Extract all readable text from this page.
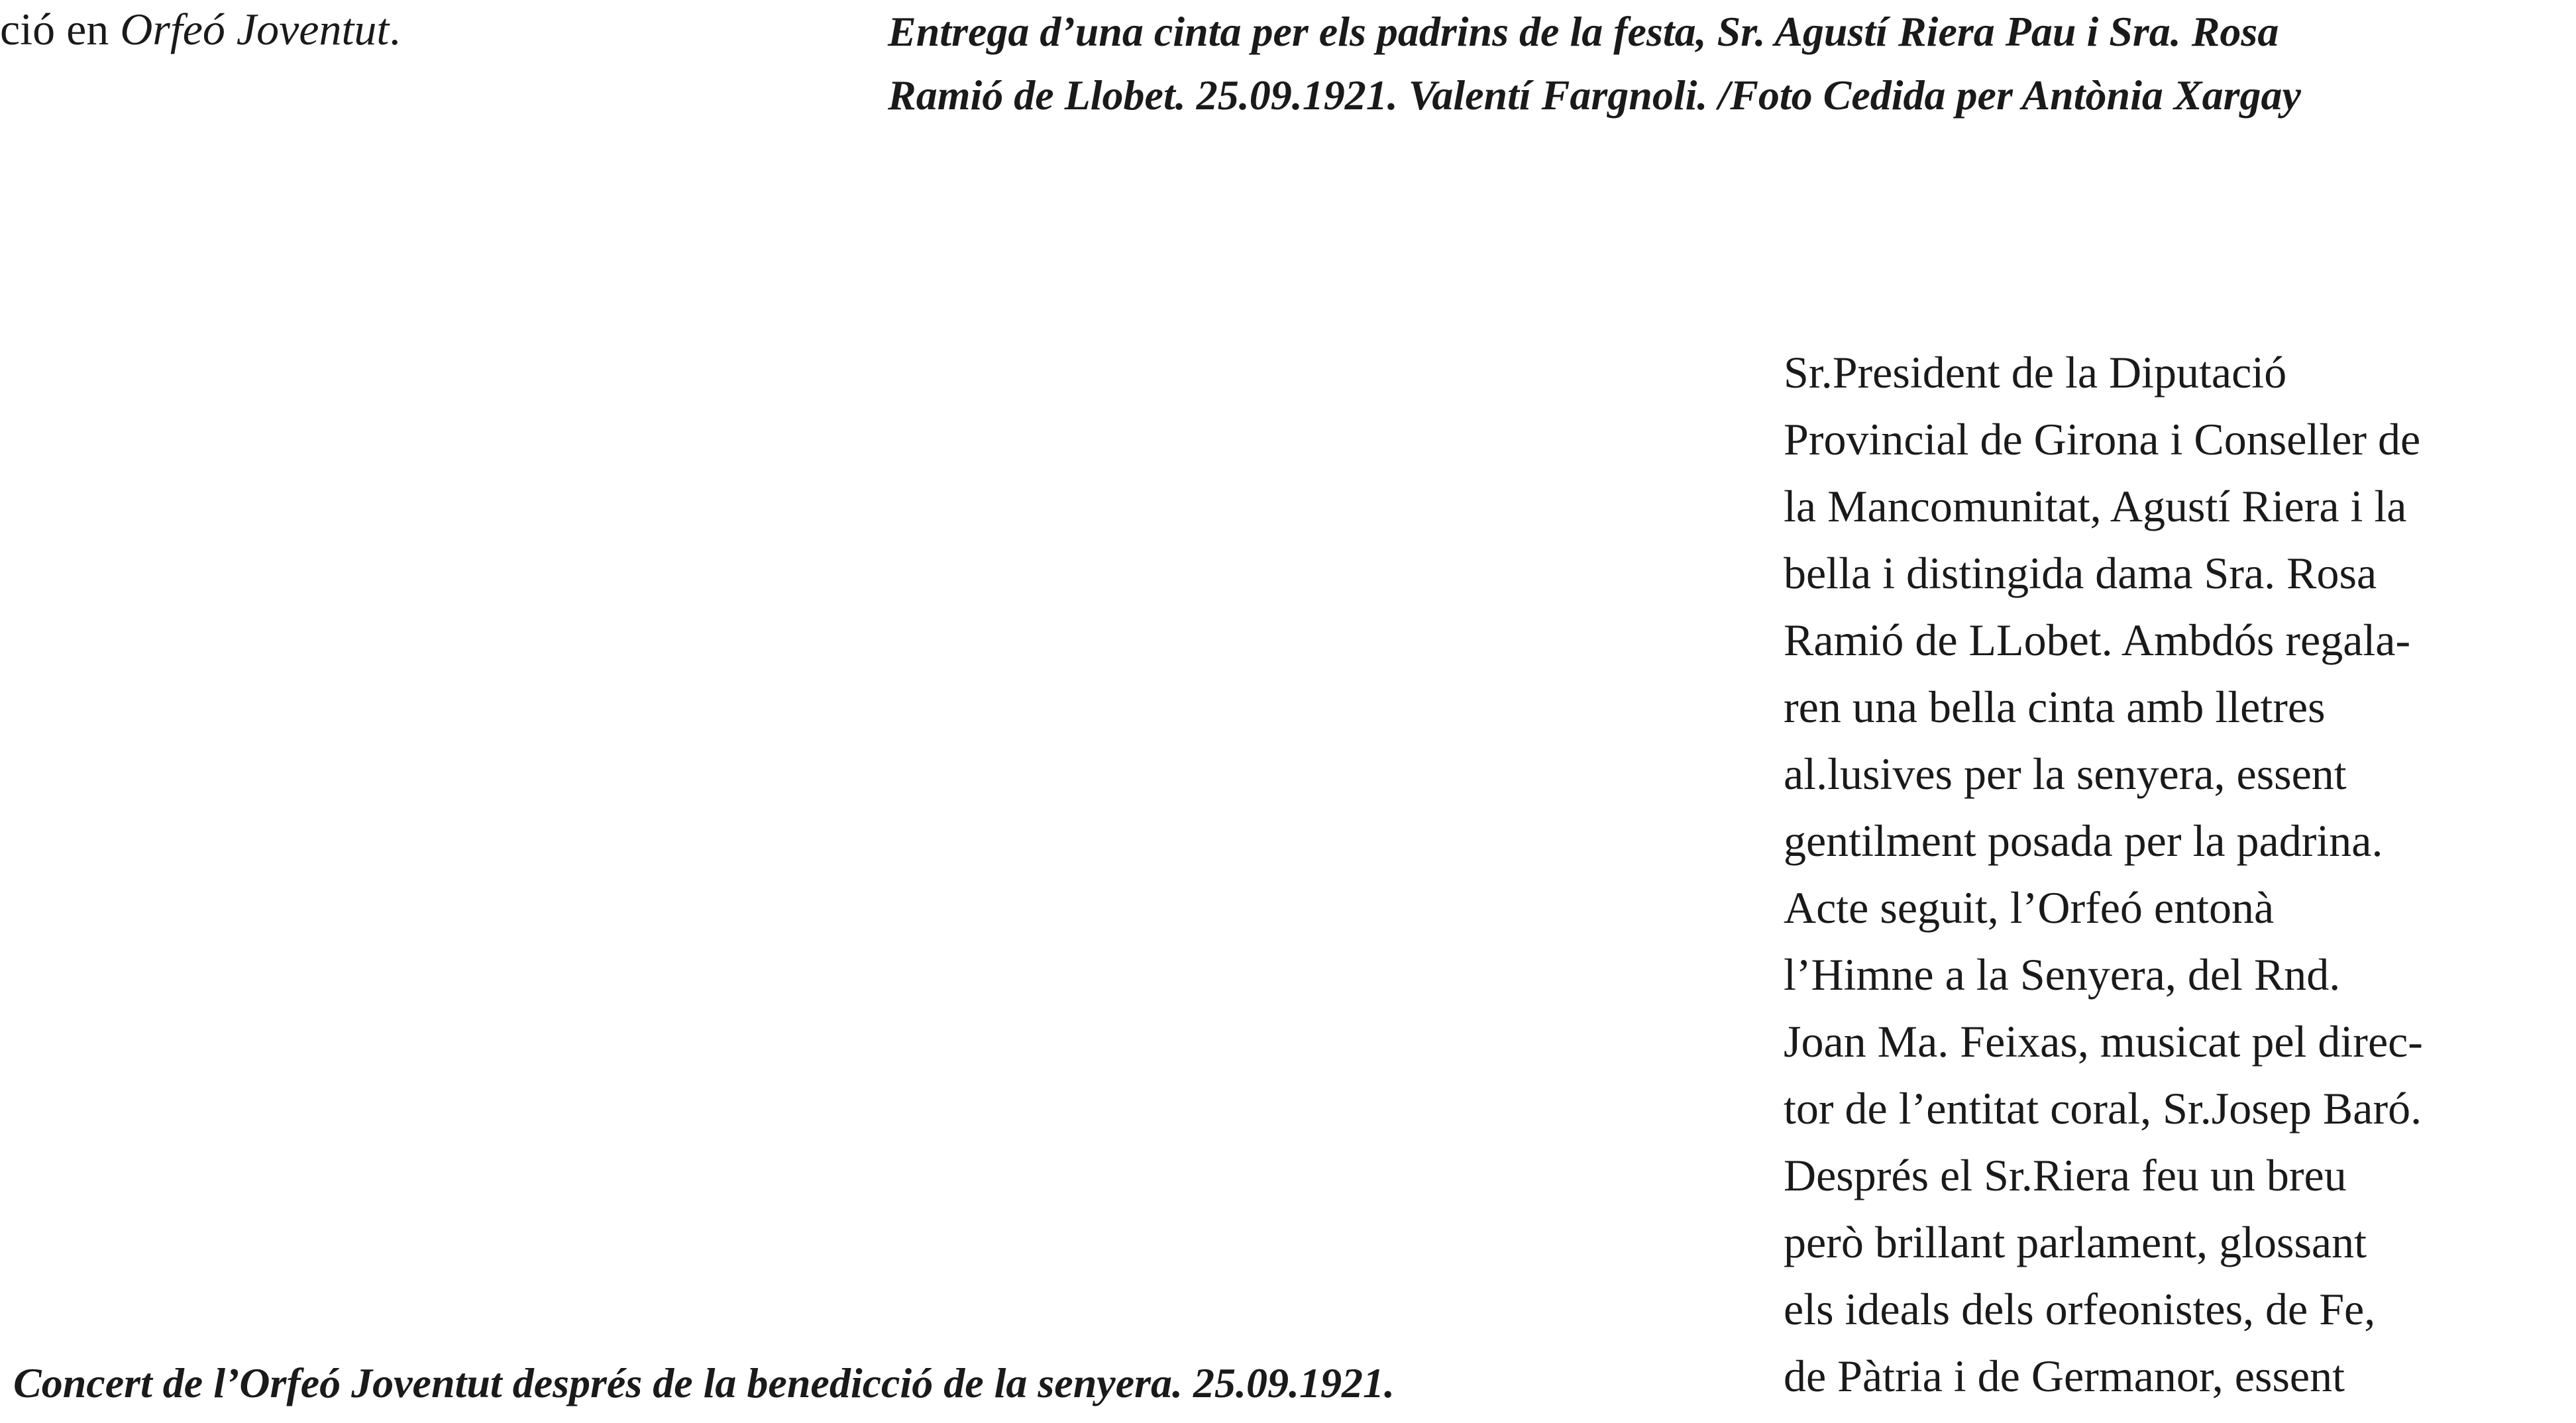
ció en Orfeó Joventut.	Entrega d’una cinta per els padrins de la festa, Sr. Agustí Riera Pau i Sra. Rosa
Ramió de Llobet. 25.09.1921. Valentí Fargnoli. /Foto Cedida per Antònia Xargay
Sr.President de la Diputació
Provincial de Girona i Conseller de
la Mancomunitat, Agustí Riera i la
bella i distingida dama Sra. Rosa
Ramió de LLobet. Ambdós regala-
ren una bella cinta amb lletres
al.lusives per la senyera, essent
gentilment posada per la padrina.
Acte seguit, l’Orfeó entonà
l’Himne a la Senyera, del Rnd.
Joan Ma. Feixas, musicat pel direc-
tor de l’entitat coral, Sr.Josep Baró.
Després el Sr.Riera feu un breu
però brillant parlament, glossant
els ideals dels orfeonistes, de Fe,
de Pàtria i de Germanor, essent
Concert de l’Orfeó Joventut després de la benedicció de la senyera. 25.09.1921.
